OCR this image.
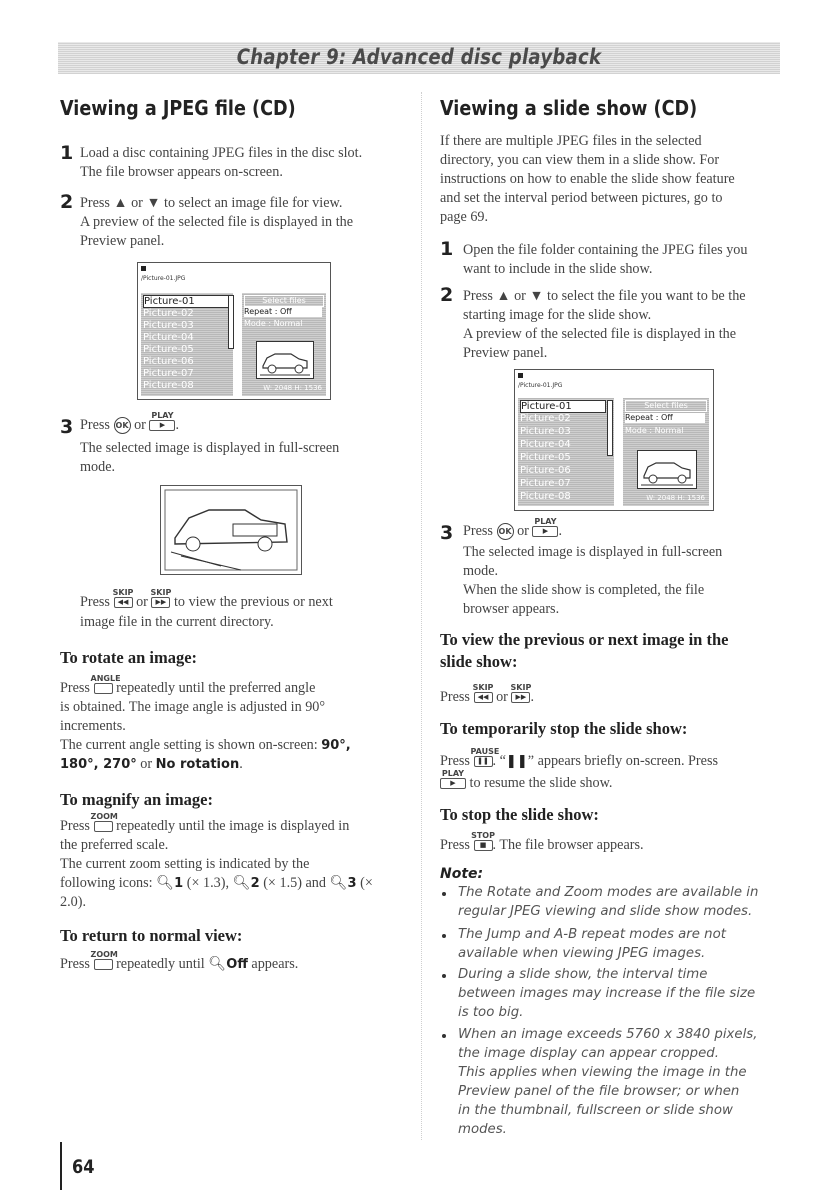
Chapter 9: Advanced disc playback
Viewing a JPEG file (CD)
1 Load a disc containing JPEG files in the disc slot.
The file browser appears on-screen.
2 Press ▲ or ▼ to select an image file for view.
A preview of the selected file is displayed in the
Preview panel.
/Picture-01.JPG
Picture-01
Picture-02
Picture-03
Picture-04
Picture-05
Picture-06
Picture-07
Picture-08
Select files
Repeat : Off
Mode : Normal
W: 2048 H: 1536
3 Press OK or
PLAY
▶ .
The selected image is displayed in full-screen
mode.
Press
SKIP
◀◀ or
SKIP
▶▶ to view the previous or next
image file in the current directory.
To rotate an image:
Press
ANGLE
repeatedly until the preferred angle
is obtained. The image angle is adjusted in 90°
increments.
The current angle setting is shown on-screen: 90°,
180°, 270° or No rotation.
To magnify an image:
Press
ZOOM
repeatedly until the image is displayed in
the preferred scale.
The current zoom setting is indicated by the
following icons: 🔍︎1 (× 1.3), 🔍︎2 (× 1.5) and 🔍︎3 (×
2.0).
To return to normal view:
Press
ZOOM
repeatedly until 🔍︎Off appears.
Viewing a slide show (CD)
If there are multiple JPEG files in the selected
directory, you can view them in a slide show. For
instructions on how to enable the slide show feature
and set the interval period between pictures, go to
page 69.
1 Open the file folder containing the JPEG files you
want to include in the slide show.
2 Press ▲ or ▼ to select the file you want to be the
starting image for the slide show.
A preview of the selected file is displayed in the
Preview panel.
/Picture-01.JPG
Picture-01
Picture-02
Picture-03
Picture-04
Picture-05
Picture-06
Picture-07
Picture-08
Select files
Repeat : Off
Mode : Normal
W: 2048 H: 1536
3 Press OK or
PLAY
▶ .
The selected image is displayed in full-screen
mode.
When the slide show is completed, the file
browser appears.
To view the previous or next image in the
slide show:
Press
SKIP
◀◀ or
SKIP
▶▶ .
To temporarily stop the slide show:
Press
PAUSE
❚❚ . “❚❚” appears briefly on-screen. Press
PLAY
▶ to resume the slide show.
To stop the slide show:
Press
STOP
■ . The file browser appears.
Note:
The Rotate and Zoom modes are available in
regular JPEG viewing and slide show modes.
The Jump and A-B repeat modes are not
available when viewing JPEG images.
During a slide show, the interval time
between images may increase if the file size
is too big.
When an image exceeds 5760 x 3840 pixels,
the image display can appear cropped.
This applies when viewing the image in the
Preview panel of the file browser; or when
in the thumbnail, fullscreen or slide show
modes.
64
